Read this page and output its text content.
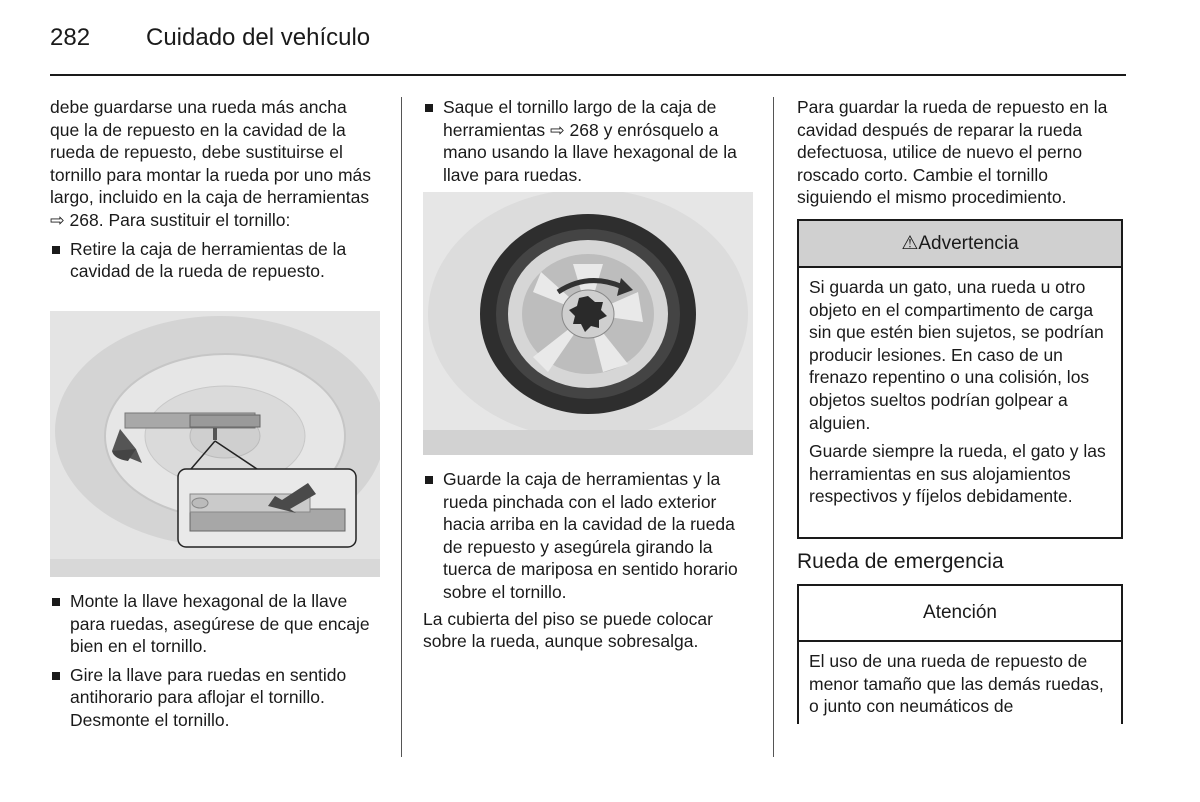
282 Cuidado del vehículo

debe guardarse una rueda más ancha que la de repuesto en la cavidad de la rueda de repuesto, debe sustituirse el tornillo para montar la rueda por uno más largo, incluido en la caja de herramientas ⇨ 268. Para sustituir el tornillo:

Retire la caja de herramientas de la cavidad de la rueda de repuesto.
Monte la llave hexagonal de la llave para ruedas, asegúrese de que encaje bien en el tornillo.
Gire la llave para ruedas en sentido antihorario para aflojar el tornillo. Desmonte el tornillo.
Saque el tornillo largo de la caja de herramientas ⇨ 268 y enrósquelo a mano usando la llave hexagonal de la llave para ruedas.
Guarde la caja de herramientas y la rueda pinchada con el lado exterior hacia arriba en la cavidad de la rueda de repuesto y asegúrela girando la tuerca de mariposa en sentido horario sobre el tornillo.

La cubierta del piso se puede colocar sobre la rueda, aunque sobresalga.

Para guardar la rueda de repuesto en la cavidad después de reparar la rueda defectuosa, utilice de nuevo el perno roscado corto. Cambie el tornillo siguiendo el mismo procedimiento.

⚠Advertencia

Si guarda un gato, una rueda u otro objeto en el compartimento de carga sin que estén bien sujetos, se podrían producir lesiones. En caso de un frenazo repentino o una colisión, los objetos sueltos podrían golpear a alguien.

Guarde siempre la rueda, el gato y las herramientas en sus alojamientos respectivos y fíjelos debidamente.

Rueda de emergencia
Atención

El uso de una rueda de repuesto de menor tamaño que las demás ruedas, o junto con neumáticos de
